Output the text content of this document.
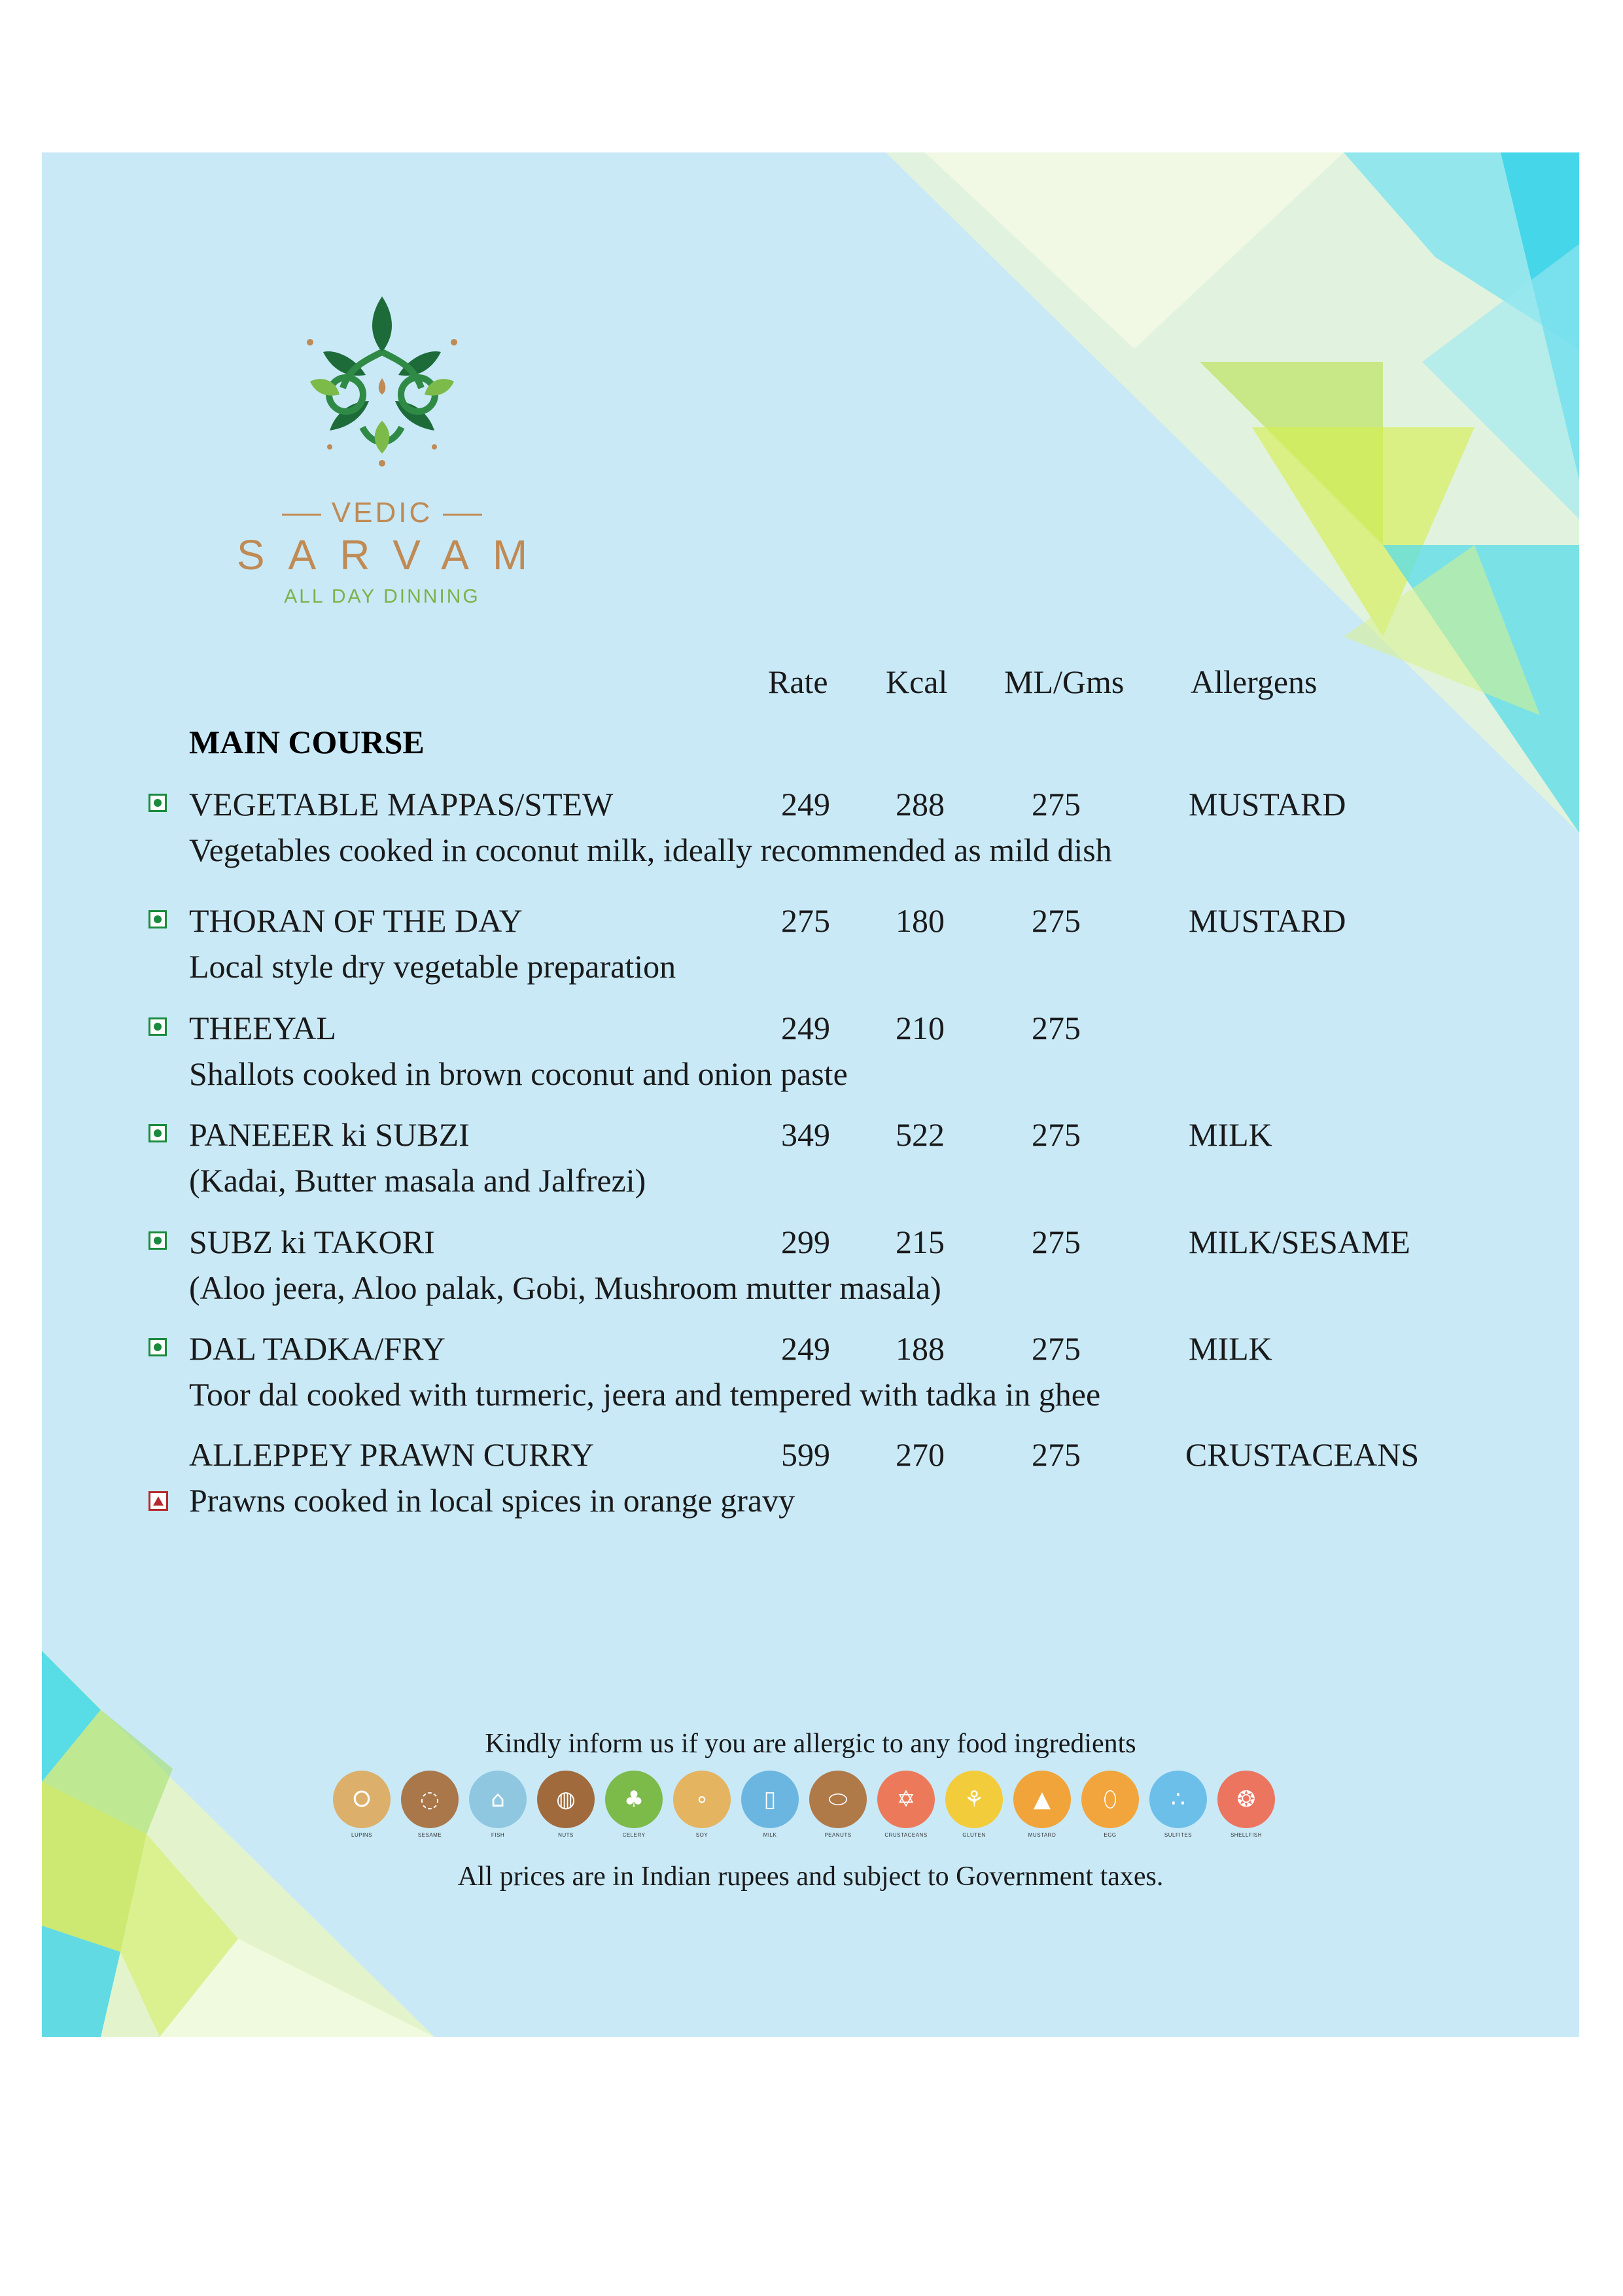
VEDIC
SARVAM
ALL DAY DINNING
Rate Kcal ML/Gms Allergens
MAIN COURSE
VEGETABLE MAPPAS/STEW	249 288	275	MUSTARD
Vegetables cooked in coconut milk, ideally recommended as mild dish
THORAN OF THE DAY	275 180	275	MUSTARD
Local style dry vegetable preparation
THEEYAL	249 210	275
Shallots cooked in brown coconut and onion paste
PANEEER ki SUBZI	349 522	275	MILK
(Kadai, Butter masala and Jalfrezi)
SUBZ ki TAKORI	299 215	275	MILK/SESAME
(Aloo jeera, Aloo palak, Gobi, Mushroom mutter masala)
DAL TADKA/FRY	249 188	275	MILK
Toor dal cooked with turmeric, jeera and tempered with tadka in ghee
ALLEPPEY PRAWN CURRY	599 270	275	CRUSTACEANS
Prawns cooked in local spices in orange gravy
Kindly inform us if you are allergic to any food ingredients
⭘
LUPINS
◌
SESAME
⌂
FISH
◍
NUTS
♣
CELERY
∘
SOY
▯
MILK
⬭
PEANUTS
✡
CRUSTACEANS
⚘
GLUTEN
▲
MUSTARD
⬯
EGG
∴
SULFITES
❂
SHELLFISH
All prices are in Indian rupees and subject to Government taxes.
